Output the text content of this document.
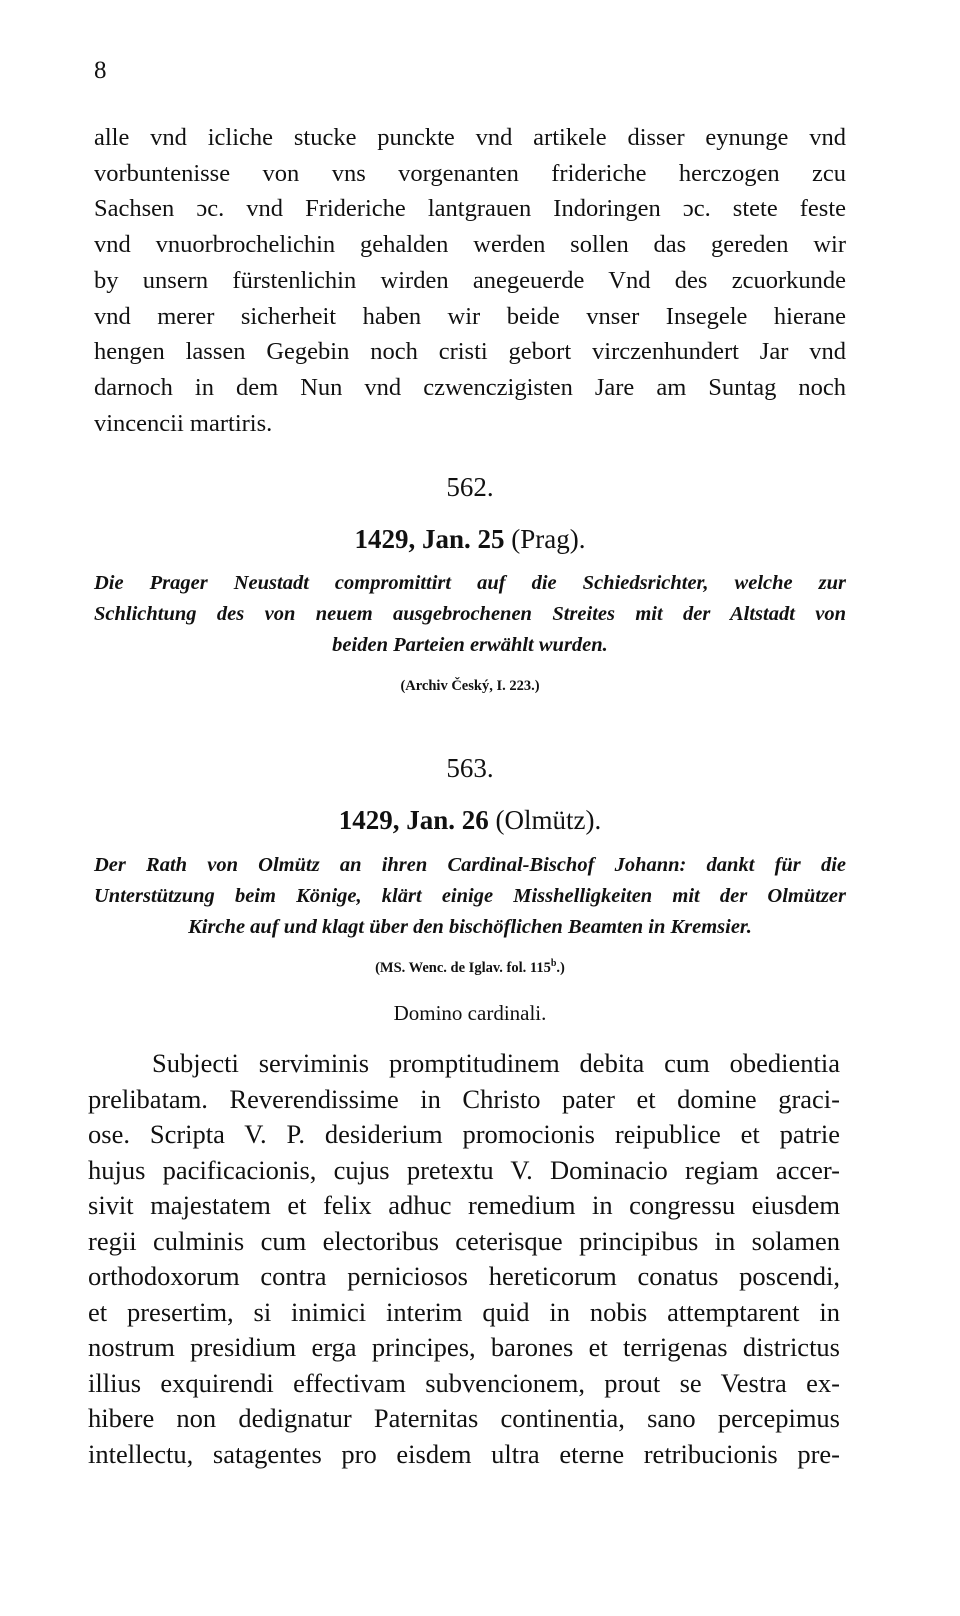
8
alle vnd icliche stucke punckte vnd artikele disser eynunge vnd
vorbuntenisse von vns vorgenanten frideriche herczogen zcu
Sachsen ɔc. vnd Frideriche lantgrauen Indoringen ɔc. stete feste
vnd vnuorbrochelichin gehalden werden sollen das gereden wir
by unsern fürstenlichin wirden anegeuerde Vnd des zcuorkunde
vnd merer sicherheit haben wir beide vnser Insegele hierane
hengen lassen Gegebin noch cristi gebort virczenhundert Jar vnd
darnoch in dem Nun vnd czwenczigisten Jare am Suntag noch
vincencii martiris.
562.
1429, Jan. 25 (Prag).
Die Prager Neustadt compromittirt auf die Schiedsrichter, welche zur
Schlichtung des von neuem ausgebrochenen Streites mit der Altstadt von
beiden Parteien erwählt wurden.
(Archiv Český, I. 223.)
563.
1429, Jan. 26 (Olmütz).
Der Rath von Olmütz an ihren Cardinal-Bischof Johann: dankt für die
Unterstützung beim Könige, klärt einige Misshelligkeiten mit der Olmützer
Kirche auf und klagt über den bischöflichen Beamten in Kremsier.
(MS. Wenc. de Iglav. fol. 115$^b$.)
Domino cardinali.
Subjecti serviminis promptitudinem debita cum obedientia
prelibatam. Reverendissime in Christo pater et domine graci-
ose. Scripta V. P. desiderium promocionis reipublice et patrie
hujus pacificacionis, cujus pretextu V. Dominacio regiam accer-
sivit majestatem et felix adhuc remedium in congressu eiusdem
regii culminis cum electoribus ceterisque principibus in solamen
orthodoxorum contra perniciosos hereticorum conatus poscendi,
et presertim, si inimici interim quid in nobis attemptarent in
nostrum presidium erga principes, barones et terrigenas districtus
illius exquirendi effectivam subvencionem, prout se Vestra ex-
hibere non dedignatur Paternitas continentia, sano percepimus
intellectu, satagentes pro eisdem ultra eterne retribucionis pre-
